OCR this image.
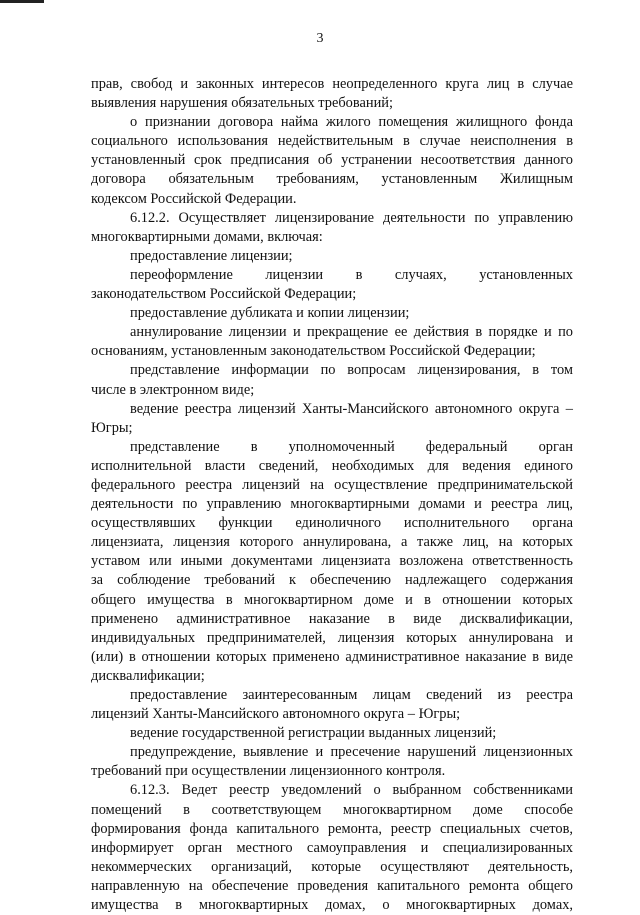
3
прав, свобод и законных интересов неопределенного круга лиц в случае
выявления нарушения обязательных требований;
о признании договора найма жилого помещения жилищного фонда
социального использования недействительным в случае неисполнения в
установленный срок предписания об устранении несоответствия данного
договора обязательным требованиям, установленным Жилищным
кодексом Российской Федерации.
6.12.2. Осуществляет лицензирование деятельности по управлению
многоквартирными домами, включая:
предоставление лицензии;
переоформление лицензии в случаях, установленных
законодательством Российской Федерации;
предоставление дубликата и копии лицензии;
аннулирование лицензии и прекращение ее действия в порядке и по
основаниям, установленным законодательством Российской Федерации;
представление информации по вопросам лицензирования, в том
числе в электронном виде;
ведение реестра лицензий Ханты-Мансийского автономного округа –
Югры;
представление в уполномоченный федеральный орган
исполнительной власти сведений, необходимых для ведения единого
федерального реестра лицензий на осуществление предпринимательской
деятельности по управлению многоквартирными домами и реестра лиц,
осуществлявших функции единоличного исполнительного органа
лицензиата, лицензия которого аннулирована, а также лиц, на которых
уставом или иными документами лицензиата возложена ответственность
за соблюдение требований к обеспечению надлежащего содержания
общего имущества в многоквартирном доме и в отношении которых
применено административное наказание в виде дисквалификации,
индивидуальных предпринимателей, лицензия которых аннулирована и
(или) в отношении которых применено административное наказание в виде
дисквалификации;
предоставление заинтересованным лицам сведений из реестра
лицензий Ханты-Мансийского автономного округа – Югры;
ведение государственной регистрации выданных лицензий;
предупреждение, выявление и пресечение нарушений лицензионных
требований при осуществлении лицензионного контроля.
6.12.3. Ведет реестр уведомлений о выбранном собственниками
помещений в соответствующем многоквартирном доме способе
формирования фонда капитального ремонта, реестр специальных счетов,
информирует орган местного самоуправления и специализированных
некоммерческих организаций, которые осуществляют деятельность,
направленную на обеспечение проведения капитального ремонта общего
имущества в многоквартирных домах, о многоквартирных домах,
